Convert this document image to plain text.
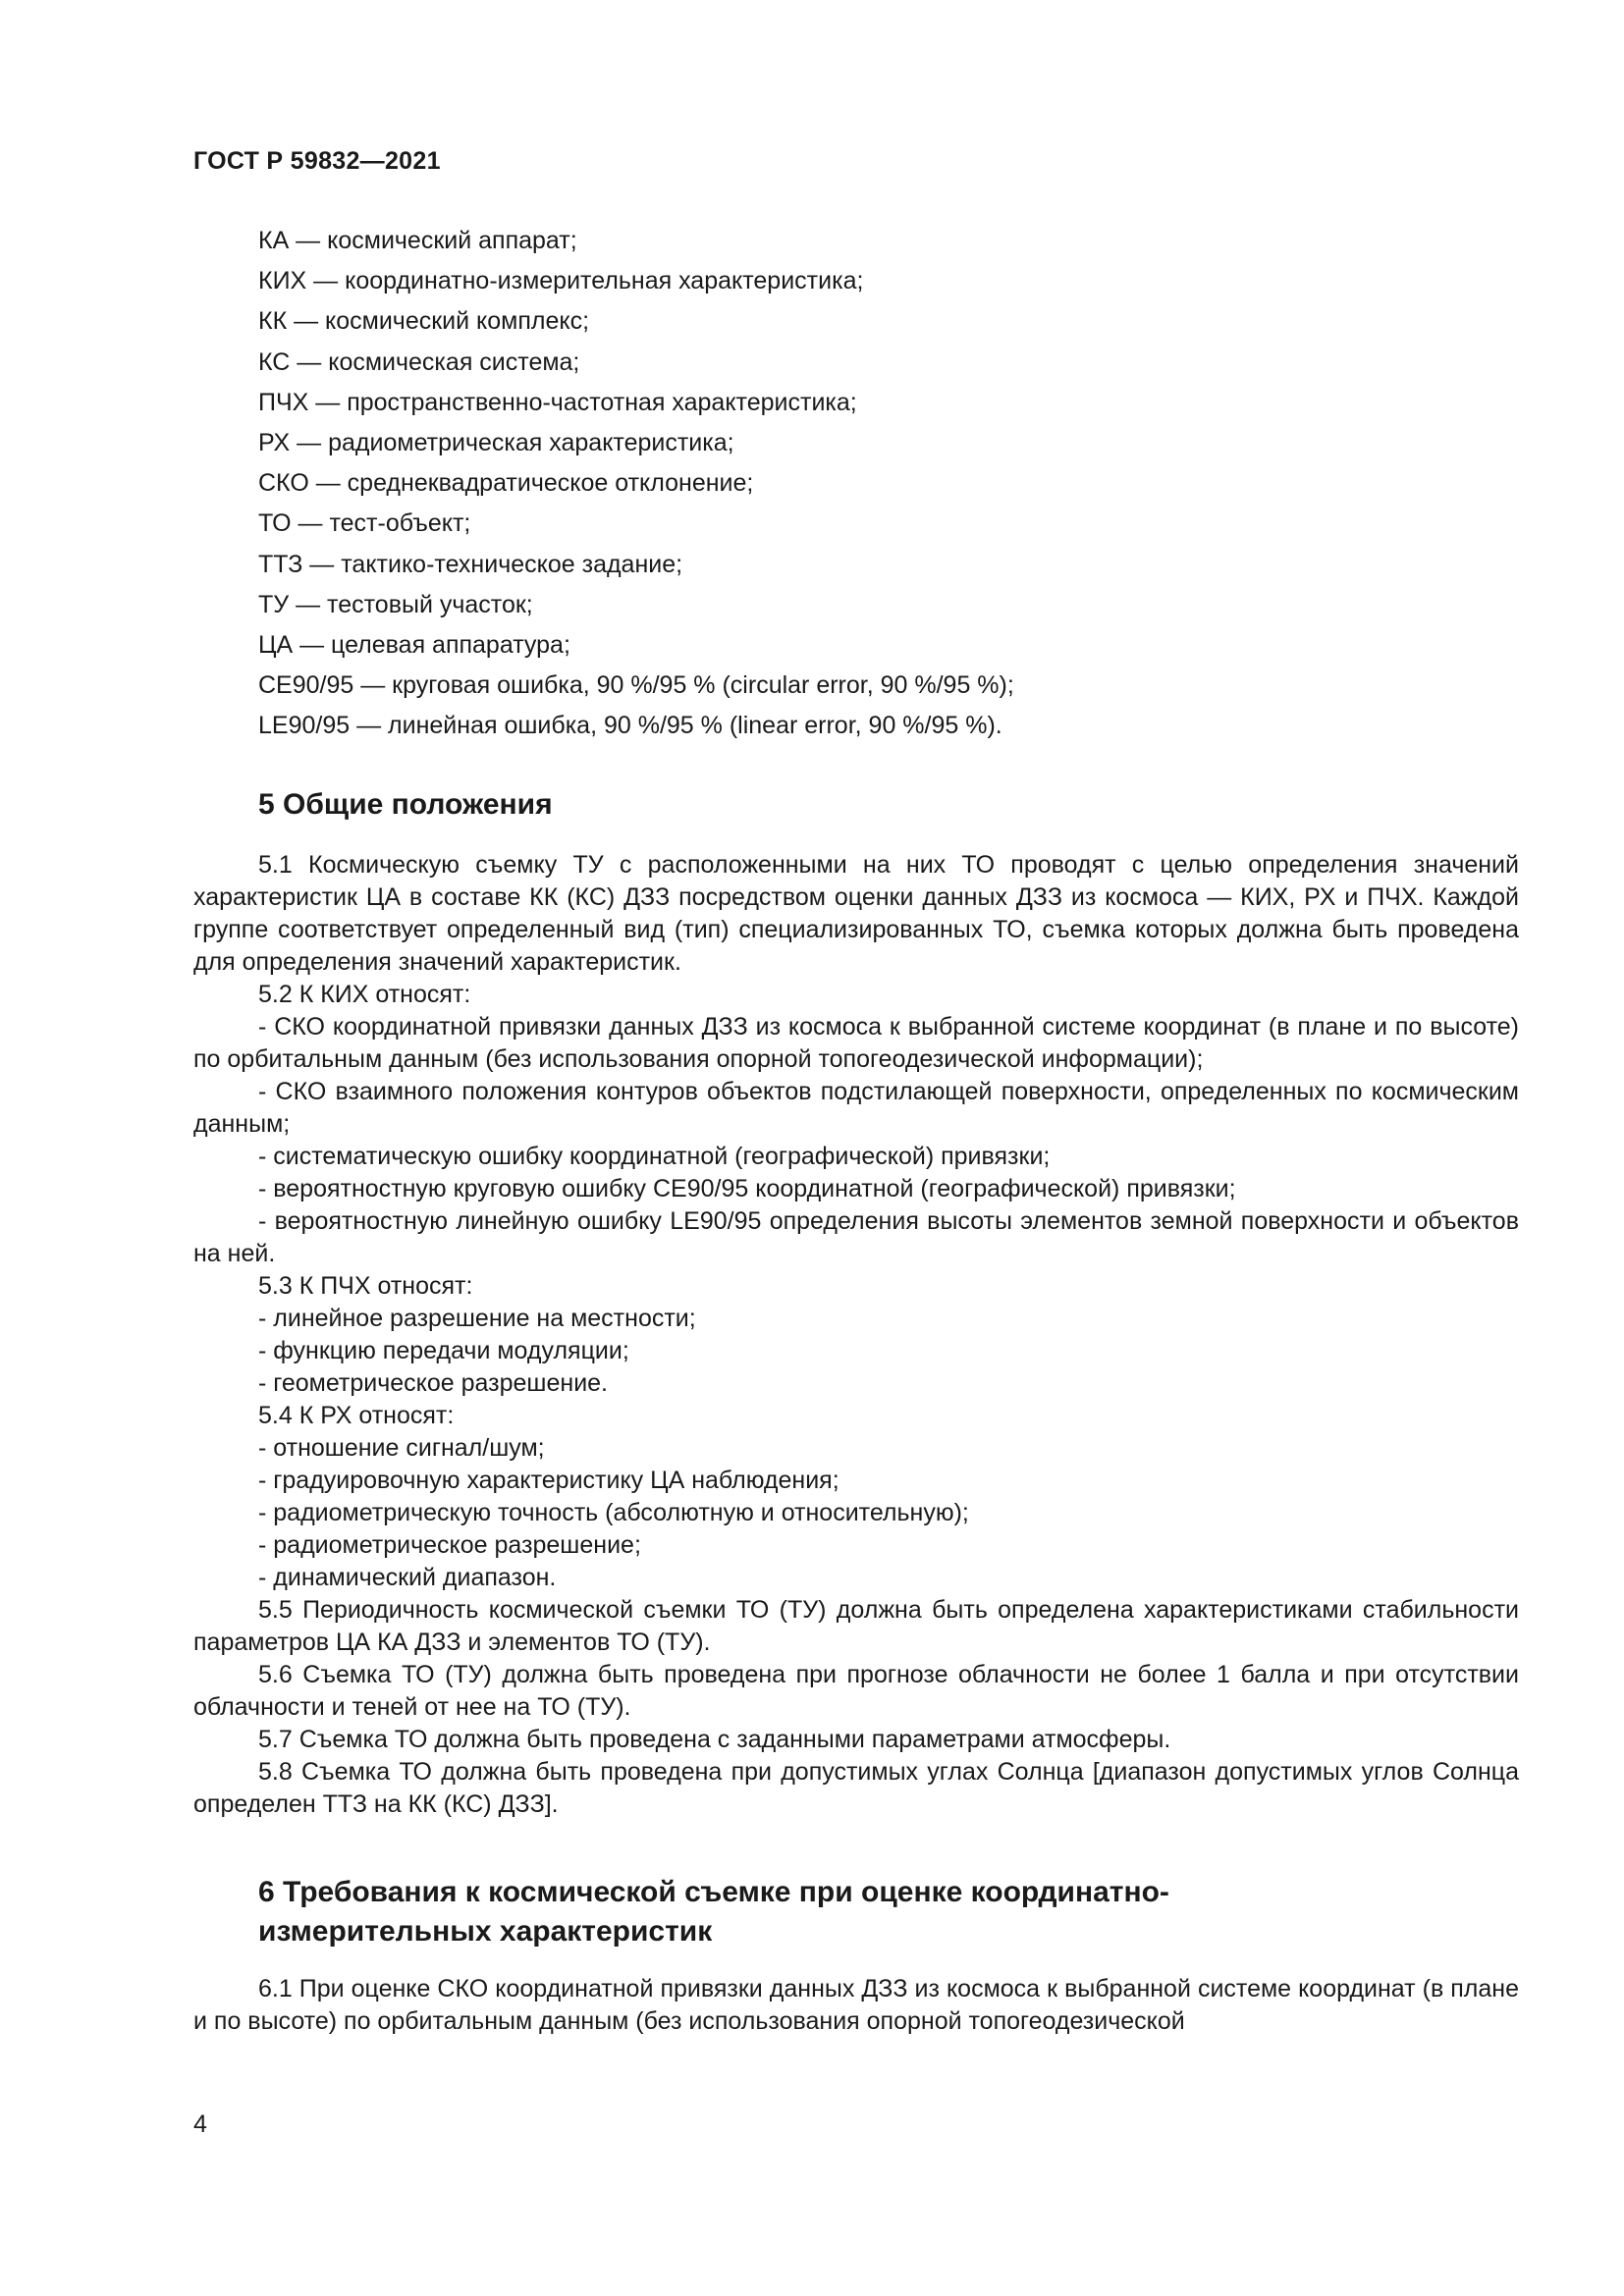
ГОСТ Р 59832—2021
КА — космический аппарат;
КИХ — координатно-измерительная характеристика;
КК — космический комплекс;
КС — космическая система;
ПЧХ — пространственно-частотная характеристика;
РХ — радиометрическая характеристика;
СКО — среднеквадратическое отклонение;
ТО — тест-объект;
ТТЗ — тактико-техническое задание;
ТУ — тестовый участок;
ЦА — целевая аппаратура;
CE90/95 — круговая ошибка, 90 %/95 % (circular error, 90 %/95 %);
LE90/95 — линейная ошибка, 90 %/95 % (linear error, 90 %/95 %).
5 Общие положения

5.1 Космическую съемку ТУ с расположенными на них ТО проводят с целью определения значений характеристик ЦА в составе КК (КС) ДЗЗ посредством оценки данных ДЗЗ из космоса — КИХ, РХ и ПЧХ. Каждой группе соответствует определенный вид (тип) специализированных ТО, съемка которых должна быть проведена для определения значений характеристик.

5.2 К КИХ относят:

- СКО координатной привязки данных ДЗЗ из космоса к выбранной системе координат (в плане и по высоте) по орбитальным данным (без использования опорной топогеодезической информации);

- СКО взаимного положения контуров объектов подстилающей поверхности, определенных по космическим данным;

- систематическую ошибку координатной (географической) привязки;

- вероятностную круговую ошибку CE90/95 координатной (географической) привязки;

- вероятностную линейную ошибку LE90/95 определения высоты элементов земной поверхности и объектов на ней.

5.3 К ПЧХ относят:

- линейное разрешение на местности;

- функцию передачи модуляции;

- геометрическое разрешение.

5.4 К РХ относят:

- отношение сигнал/шум;

- градуировочную характеристику ЦА наблюдения;

- радиометрическую точность (абсолютную и относительную);

- радиометрическое разрешение;

- динамический диапазон.

5.5 Периодичность космической съемки ТО (ТУ) должна быть определена характеристиками стабильности параметров ЦА КА ДЗЗ и элементов ТО (ТУ).

5.6 Съемка ТО (ТУ) должна быть проведена при прогнозе облачности не более 1 балла и при отсутствии облачности и теней от нее на ТО (ТУ).

5.7 Съемка ТО должна быть проведена с заданными параметрами атмосферы.

5.8 Съемка ТО должна быть проведена при допустимых углах Солнца [диапазон допустимых углов Солнца определен ТТЗ на КК (КС) ДЗЗ].

6 Требования к космической съемке при оценке координатно-
измерительных характеристик

6.1 При оценке СКО координатной привязки данных ДЗЗ из космоса к выбранной системе координат (в плане и по высоте) по орбитальным данным (без использования опорной топогеодезической

4
